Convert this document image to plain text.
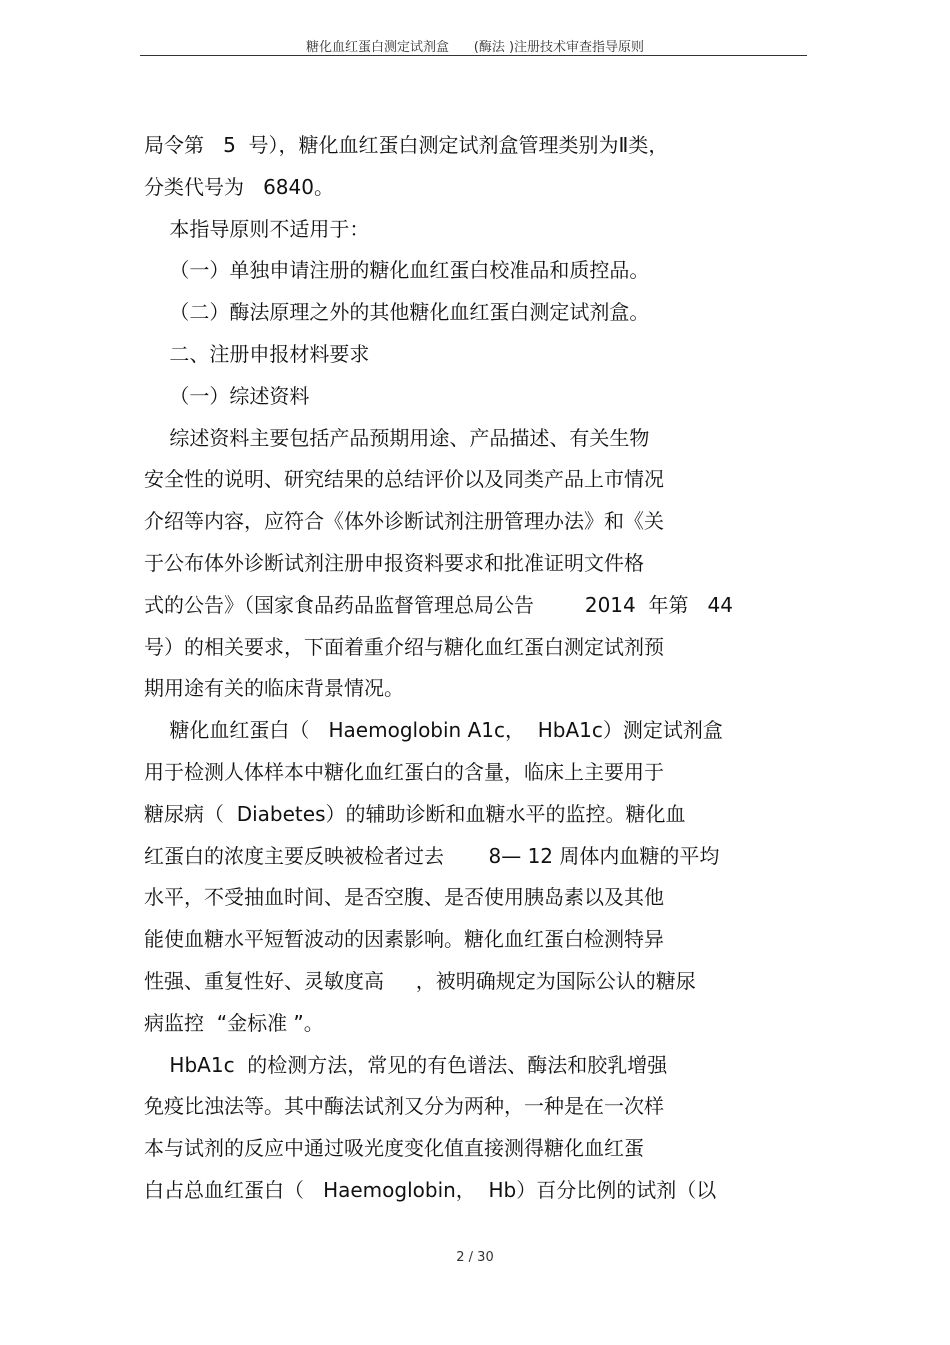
糖化血红蛋白测定试剂盒      (酶法 )注册技术审查指导原则
局令第   5  号），糖化血红蛋白测定试剂盒管理类别为Ⅱ类，
分类代号为   6840。
本指导原则不适用于：
（一）单独申请注册的糖化血红蛋白校准品和质控品。
（二）酶法原理之外的其他糖化血红蛋白测定试剂盒。
二、注册申报材料要求
（一）综述资料
综述资料主要包括产品预期用途、产品描述、有关生物
安全性的说明、研究结果的总结评价以及同类产品上市情况
介绍等内容，应符合《体外诊断试剂注册管理办法》和《关
于公布体外诊断试剂注册申报资料要求和批准证明文件格
式的公告》（国家食品药品监督管理总局公告        2014  年第   44
号）的相关要求，下面着重介绍与糖化血红蛋白测定试剂预
期用途有关的临床背景情况。
糖化血红蛋白（   Haemoglobin A1c，  HbA1c）测定试剂盒
用于检测人体样本中糖化血红蛋白的含量，临床上主要用于
糖尿病（  Diabetes）的辅助诊断和血糖水平的监控。糖化血
红蛋白的浓度主要反映被检者过去       8— 12 周体内血糖的平均
水平，不受抽血时间、是否空腹、是否使用胰岛素以及其他
能使血糖水平短暂波动的因素影响。糖化血红蛋白检测特异
性强、重复性好、灵敏度高     ，被明确规定为国际公认的糖尿
病监控  “金标准 ”。
HbA1c  的检测方法，常见的有色谱法、酶法和胶乳增强
免疫比浊法等。其中酶法试剂又分为两种，一种是在一次样
本与试剂的反应中通过吸光度变化值直接测得糖化血红蛋
白占总血红蛋白（   Haemoglobin，  Hb）百分比例的试剂（以
2 / 30
